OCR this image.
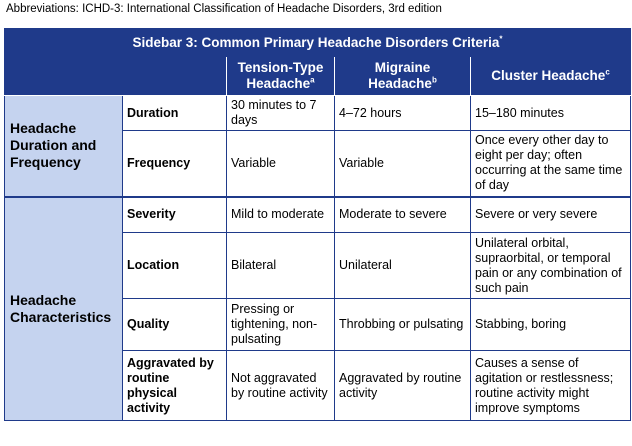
Abbreviations: ICHD-3: International Classification of Headache Disorders, 3rd edition
Sidebar 3: Common Primary Headache Disorders Criteria*
		Tension-Type Headache$^a$	Migraine Headache$^b$	Cluster Headache$^c$
Headache Duration and Frequency	Duration	30 minutes to 7 days	4–72 hours	15–180 minutes
	Frequency	Variable	Variable	Once every other day to eight per day; often occurring at the same time of day
Headache Characteristics	Severity	Mild to moderate	Moderate to severe	Severe or very severe
	Location	Bilateral	Unilateral	Unilateral orbital, supraorbital, or temporal pain or any combination of such pain
	Quality	Pressing or tightening, non-pulsating	Throbbing or pulsating	Stabbing, boring
	Aggravated by routine physical activity	Not aggravated by routine activity	Aggravated by routine activity	Causes a sense of agitation or restlessness; routine activity might improve symptoms
